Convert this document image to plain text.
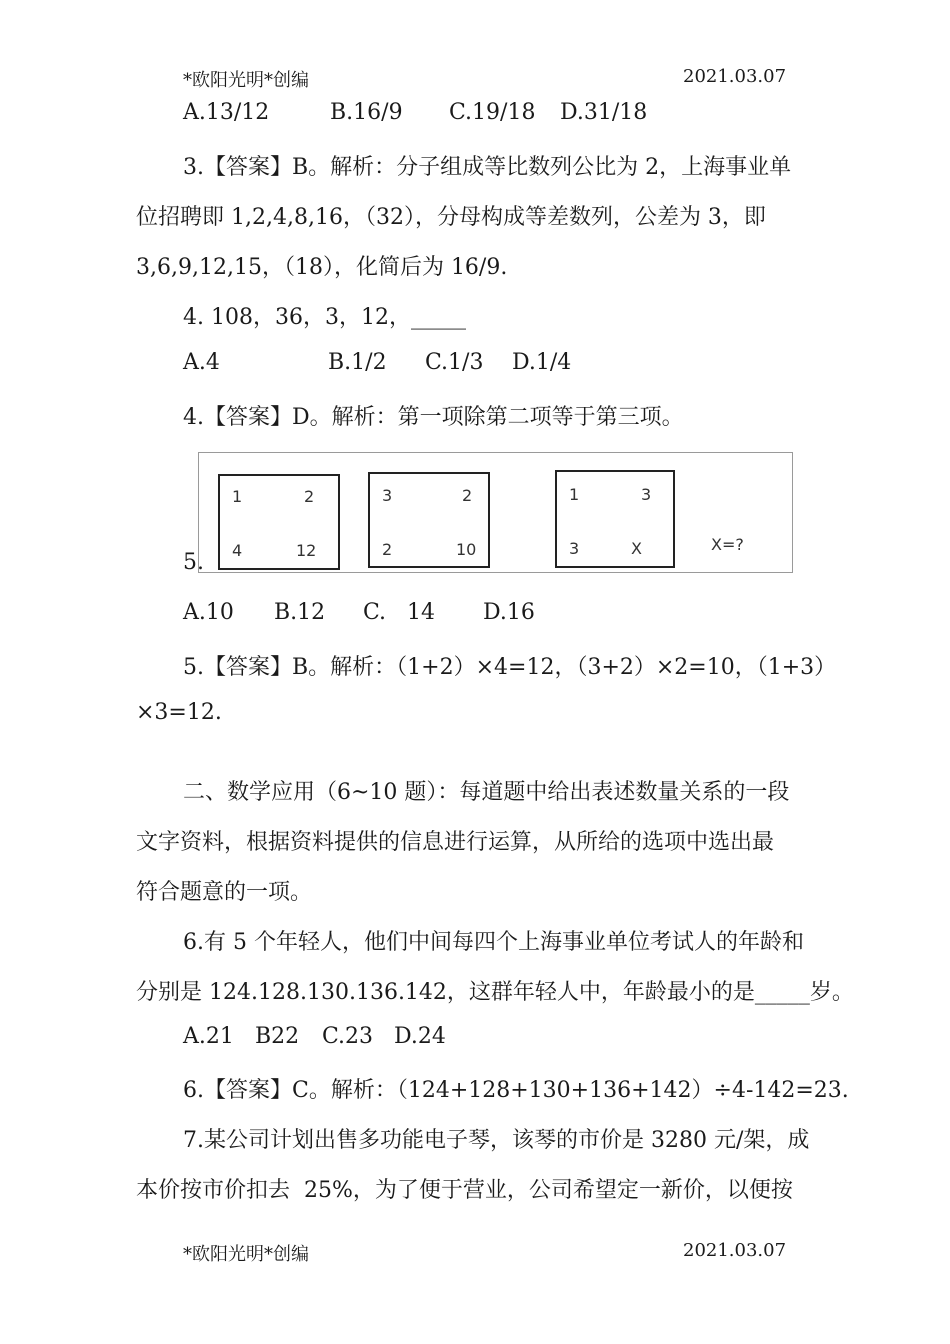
*欧阳光明*创编	2021.03.07
A.13/12	B.16/9 C.19/18 D.31/18
3.【答案】B。解析：分子组成等比数列公比为 2，上海事业单
位招聘即 1,2,4,8,16，（32），分母构成等差数列，公差为 3，即
3,6,9,12,15，（18），化简后为 16/9.
4. 108，36，3，12，_____
A.4	B.1/2 C.1/3 D.1/4
4.【答案】D。解析：第一项除第二项等于第三项。
5.
1	2
4	12
3	2
2	10
1	3
3	X	X=?
A.10 B.12 C.   14 D.16
5.【答案】B。解析：（1+2）×4=12，（3+2）×2=10，（1+3）
×3=12.
二、数学应用（6~10 题）：每道题中给出表述数量关系的一段
文字资料，根据资料提供的信息进行运算，从所给的选项中选出最
符合题意的一项。
6.有 5 个年轻人，他们中间每四个上海事业单位考试人的年龄和
分别是 124.128.130.136.142，这群年轻人中，年龄最小的是_____岁。
A.21 B22 C.23 D.24
6.【答案】C。解析：（124+128+130+136+142）÷4-142=23.
7.某公司计划出售多功能电子琴，该琴的市价是 3280 元/架，成
本价按市价扣去  25%，为了便于营业，公司希望定一新价，以便按
*欧阳光明*创编	2021.03.07
